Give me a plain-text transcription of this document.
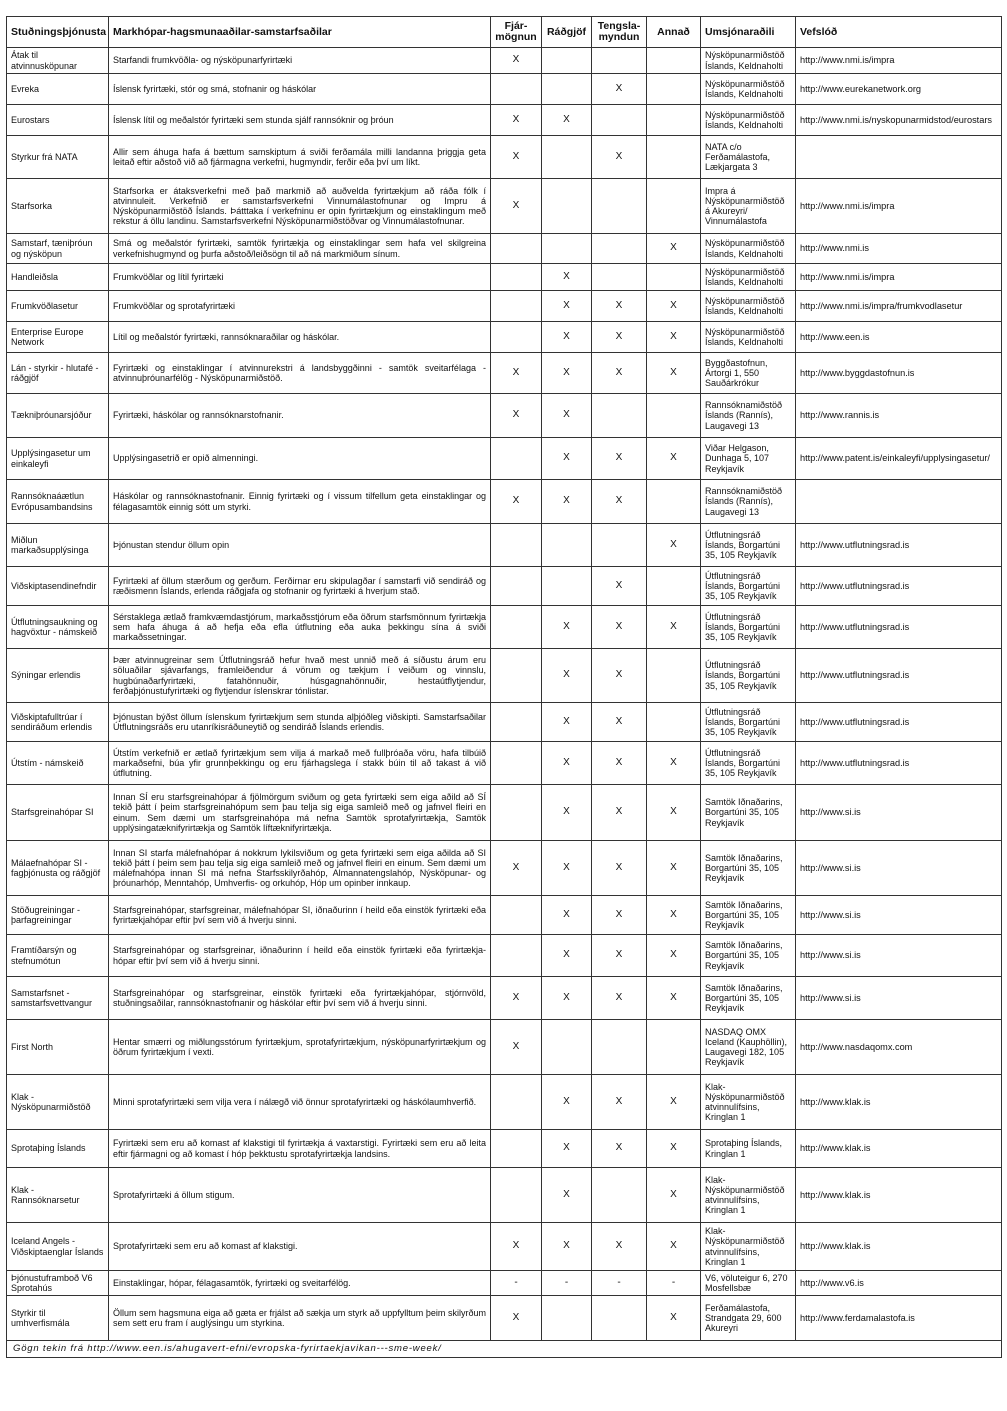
Stuðningsþjónusta	Markhópar-hagsmunaaðilar-samstarfsaðilar	Fjár-mögnun	Ráðgjöf	Tengsla-myndun	Annað	Umsjónaraðili	Vefslóð
Átak til atvinnusköpunar	Starfandi frumkvöðla- og nýsköpunarfyrirtæki	X				Nýsköpunarmiðstöð Íslands, Keldnaholti	http://www.nmi.is/impra
Evreka	Íslensk fyrirtæki, stór og smá, stofnanir og háskólar			X		Nýsköpunarmiðstöð Íslands, Keldnaholti	http://www.eurekanetwork.org
Eurostars	Íslensk lítil og meðalstór fyrirtæki sem stunda sjálf rannsóknir og þróun	X	X			Nýsköpunarmiðstöð Íslands, Keldnaholti	http://www.nmi.is/nyskopunarmidstod/eurostars
Styrkur frá NATA	Allir sem áhuga hafa á bættum samskiptum á sviði ferðamála milli landanna þriggja geta leitað eftir aðstoð við að fjármagna verkefni, hugmyndir, ferðir eða því um líkt.	X		X		NATA c/o Ferðamálastofa, Lækjargata 3	
Starfsorka	Starfsorka er átaksverkefni með það markmið að auðvelda fyrirtækjum að ráða fólk í atvinnuleit. Verkefnið er samstarfsverkefni Vinnumálastofnunar og Impru á Nýsköpunarmiðstöð Íslands. Þátttaka í verkefninu er opin fyrirtækjum og einstaklingum með rekstur á öllu landinu. Samstarfsverkefni Nýsköpunarmiðstöðvar og Vinnumálastofnunar.	X				Impra á Nýsköpunarmiðstöð á Akureyri/ Vinnumálastofa	http://www.nmi.is/impra
Samstarf, tæniþróun og nýsköpun	Smá og meðalstór fyrirtæki, samtök fyrirtækja og einstaklingar sem hafa vel skilgreina verkefnishugmynd og þurfa aðstoð/leiðsögn til að ná markmiðum sínum.				X	Nýsköpunarmiðstöð Íslands, Keldnaholti	http://www.nmi.is
Handleiðsla	Frumkvöðlar og lítil fyrirtæki		X			Nýsköpunarmiðstöð Íslands, Keldnaholti	http://www.nmi.is/impra
Frumkvöðlasetur	Frumkvöðlar og sprotafyrirtæki		X	X	X	Nýsköpunarmiðstöð Íslands, Keldnaholti	http://www.nmi.is/impra/frumkvodlasetur
Enterprise Europe Network	Lítil og meðalstór fyrirtæki, rannsóknaraðilar og háskólar.		X	X	X	Nýsköpunarmiðstöð Íslands, Keldnaholti	http://www.een.is
Lán - styrkir - hlutafé - ráðgjöf	Fyrirtæki og einstaklingar í atvinnurekstri á landsbyggðinni - samtök sveitarfélaga - atvinnuþróunarfélög - Nýsköpunarmiðstöð.	X	X	X	X	Byggðastofnun, Ártorgi 1, 550 Sauðárkrókur	http://www.byggdastofnun.is
Tækniþróunarsjóður	Fyrirtæki, háskólar og rannsóknarstofnanir.	X	X			Rannsóknamiðstöð Íslands (Rannís), Laugavegi 13	http://www.rannis.is
Upplýsingasetur um einkaleyfi	Upplýsingasetrið er opið almenningi.		X	X	X	Viðar Helgason, Dunhaga 5, 107 Reykjavík	http://www.patent.is/einkaleyfi/upplysingasetur/
Rannsóknaáætlun Evrópusambandsins	Háskólar og rannsóknastofnanir. Einnig fyrirtæki og í vissum tilfellum geta einstaklingar og félagasamtök einnig sótt um styrki.	X	X	X		Rannsóknamiðstöð Íslands (Rannís), Laugavegi 13	
Miðlun markaðsupplýsinga	Þjónustan stendur öllum opin				X	Útflutningsráð Íslands, Borgartúni 35, 105 Reykjavík	http://www.utflutningsrad.is
Viðskiptasendinefndir	Fyrirtæki af öllum stærðum og gerðum. Ferðirnar eru skipulagðar í samstarfi við sendiráð og ræðismenn Íslands, erlenda ráðgjafa og stofnanir og fyrirtæki á hverjum stað.			X		Útflutningsráð Íslands, Borgartúni 35, 105 Reykjavík	http://www.utflutningsrad.is
Útflutningsaukning og hagvöxtur - námskeið	Sérstaklega ætlað framkvæmdastjórum, markaðsstjórum eða öðrum starfsmönnum fyrirtækja sem hafa áhuga á að hefja eða efla útflutning eða auka þekkingu sína á sviði markaðssetningar.		X	X	X	Útflutningsráð Íslands, Borgartúni 35, 105 Reykjavík	http://www.utflutningsrad.is
Sýningar erlendis	Þær atvinnugreinar sem Útflutningsráð hefur hvað mest unnið með á síðustu árum eru söluaðilar sjávarfangs, framleiðendur á vörum og tækjum í veiðum og vinnslu, hugbúnaðarfyrirtæki, fatahönnuðir, húsgagnahönnuðir, hestaútflytjendur, ferðaþjónustufyrirtæki og flytjendur íslenskrar tónlistar.		X	X		Útflutningsráð Íslands, Borgartúni 35, 105 Reykjavík	http://www.utflutningsrad.is
Viðskiptafulltrúar í sendiráðum erlendis	Þjónustan býðst öllum íslenskum fyrirtækjum sem stunda alþjóðleg viðskipti. Samstarfsaðilar Útflutningsráðs eru utanríkisráðuneytið og sendiráð Íslands erlendis.		X	X		Útflutningsráð Íslands, Borgartúni 35, 105 Reykjavík	http://www.utflutningsrad.is
Útstím - námskeið	Útstím verkefnið er ætlað fyrirtækjum sem vilja á markað með fullþróaða vöru, hafa tilbúið markaðsefni, búa yfir grunnþekkingu og eru fjárhagslega í stakk búin til að takast á við útflutning.		X	X	X	Útflutningsráð Íslands, Borgartúni 35, 105 Reykjavík	http://www.utflutningsrad.is
Starfsgreinahópar SI	Innan SÍ eru starfsgreinahópar á fjölmörgum sviðum og geta fyrirtæki sem eiga aðild að SÍ tekið þátt í þeim starfsgreinahópum sem þau telja sig eiga samleið með og jafnvel fleiri en einum. Sem dæmi um starfsgreinahópa má nefna Samtök sprotafyrirtækja, Samtök upplýsingatæknifyrirtækja og Samtök líftæknifyrirtækja.		X	X	X	Samtök Iðnaðarins, Borgartúni 35, 105 Reykjavík	http://www.si.is
Málaefnahópar SI - fagþjónusta og ráðgjöf	Innan SI starfa málefnahópar á nokkrum lykilsviðum og geta fyrirtæki sem eiga aðilda að SI tekið þátt í þeim sem þau telja sig eiga samleið með og jafnvel fleiri en einum. Sem dæmi um málefnahópa innan SI má nefna Starfsskilyrðahóp, Almannatengslahóp, Nýsköpunar- og þróunarhóp, Menntahóp, Umhverfis- og orkuhóp, Hóp um opinber innkaup.	X	X	X	X	Samtök Iðnaðarins, Borgartúni 35, 105 Reykjavík	http://www.si.is
Stöðugreiningar - þarfagreiningar	Starfsgreinahópar, starfsgreinar, málefnahópar SI, iðnaðurinn í heild eða einstök fyrirtæki eða fyrirtækjahópar eftir því sem við á hverju sinni.		X	X	X	Samtök Iðnaðarins, Borgartúni 35, 105 Reykjavík	http://www.si.is
Framtíðarsýn og stefnumótun	Starfsgreinahópar og starfsgreinar, iðnaðurinn í heild eða einstök fyrirtæki eða fyrirtækja-hópar eftir því sem við á hverju sinni.		X	X	X	Samtök Iðnaðarins, Borgartúni 35, 105 Reykjavík	http://www.si.is
Samstarfsnet - samstarfsvettvangur	Starfsgreinahópar og starfsgreinar, einstök fyrirtæki eða fyrirtækjahópar, stjórnvöld, stuðningsaðilar, rannsóknastofnanir og háskólar eftir því sem við á hverju sinni.	X	X	X	X	Samtök Iðnaðarins, Borgartúni 35, 105 Reykjavík	http://www.si.is
First North	Hentar smærri og miðlungsstórum fyrirtækjum, sprotafyrirtækjum, nýsköpunarfyrirtækjum og öðrum fyrirtækjum í vexti.	X				NASDAQ OMX Iceland (Kauphöllin), Laugavegi 182, 105 Reykjavík	http://www.nasdaqomx.com
Klak - Nýsköpunarmiðstöð	Minni sprotafyrirtæki sem vilja vera í nálægð við önnur sprotafyrirtæki og háskólaumhverfið.		X	X	X	Klak-Nýsköpunarmiðstöð atvinnulífsins, Kringlan 1	http://www.klak.is
Sprotaþing Íslands	Fyrirtæki sem eru að komast af klakstigi til fyrirtækja á vaxtarstigi. Fyrirtæki sem eru að leita eftir fjármagni og að komast í hóp þekktustu sprotafyrirtækja landsins.		X	X	X	Sprotaþing Íslands, Kringlan 1	http://www.klak.is
Klak - Rannsóknarsetur	Sprotafyrirtæki á öllum stigum.		X		X	Klak-Nýsköpunarmiðstöð atvinnulífsins, Kringlan 1	http://www.klak.is
Iceland Angels - Viðskiptaenglar Íslands	Sprotafyrirtæki sem eru að komast af klakstigi.	X	X	X	X	Klak-Nýsköpunarmiðstöð atvinnulífsins, Kringlan 1	http://www.klak.is
Þjónustuframboð V6 Sprotahús	Einstaklingar, hópar, félagasamtök, fyrirtæki og sveitarfélög.	-	-	-	-	V6, völuteigur 6, 270 Mosfellsbæ	http://www.v6.is
Styrkir til umhverfismála	Öllum sem hagsmuna eiga að gæta er frjálst að sækja um styrk að uppfylltum þeim skilyrðum sem sett eru fram í auglýsingu um styrkina.	X			X	Ferðamálastofa, Strandgata 29, 600 Akureyri	http://www.ferdamalastofa.is
Gögn tekin frá http://www.een.is/ahugavert-efni/evropska-fyrirtaekjavikan---sme-week/							
